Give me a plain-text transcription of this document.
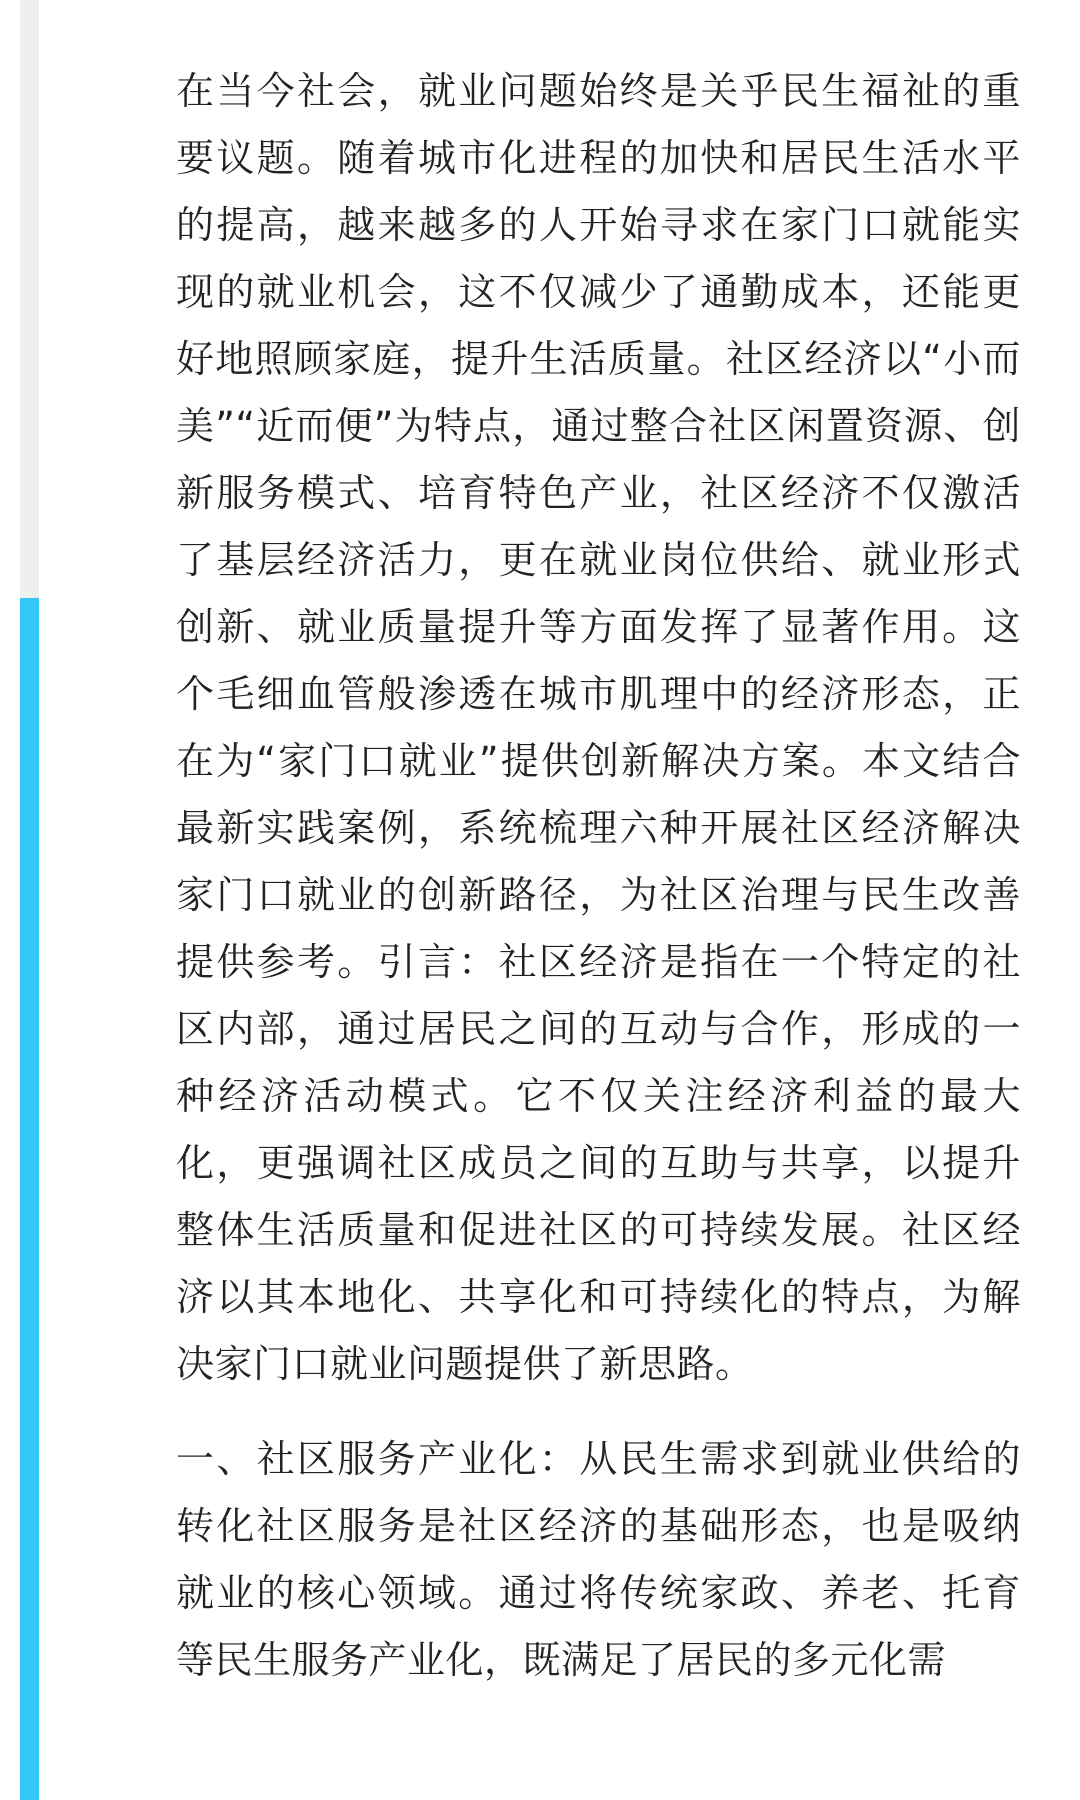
在当今社会，就业问题始终是关乎民生福祉的重要议题。随着城市化进程的加快和居民生活水平的提高，越来越多的人开始寻求在家门口就能实现的就业机会，这不仅减少了通勤成本，还能更好地照顾家庭，提升生活质量。社区经济以“小而美”“近而便”为特点，通过整合社区闲置资源、创新服务模式、培育特色产业，社区经济不仅激活了基层经济活力，更在就业岗位供给、就业形式创新、就业质量提升等方面发挥了显著作用。这个毛细血管般渗透在城市肌理中的经济形态，正在为“家门口就业”提供创新解决方案。本文结合最新实践案例，系统梳理六种开展社区经济解决家门口就业的创新路径，为社区治理与民生改善提供参考。引言：社区经济是指在一个特定的社区内部，通过居民之间的互动与合作，形成的一种经济活动模式。它不仅关注经济利益的最大化，更强调社区成员之间的互助与共享，以提升整体生活质量和促进社区的可持续发展。社区经济以其本地化、共享化和可持续化的特点，为解决家门口就业问题提供了新思路。

一、社区服务产业化：从民生需求到就业供给的转化社区服务是社区经济的基础形态，也是吸纳就业的核心领域。通过将传统家政、养老、托育等民生服务产业化，既满足了居民的多元化需
